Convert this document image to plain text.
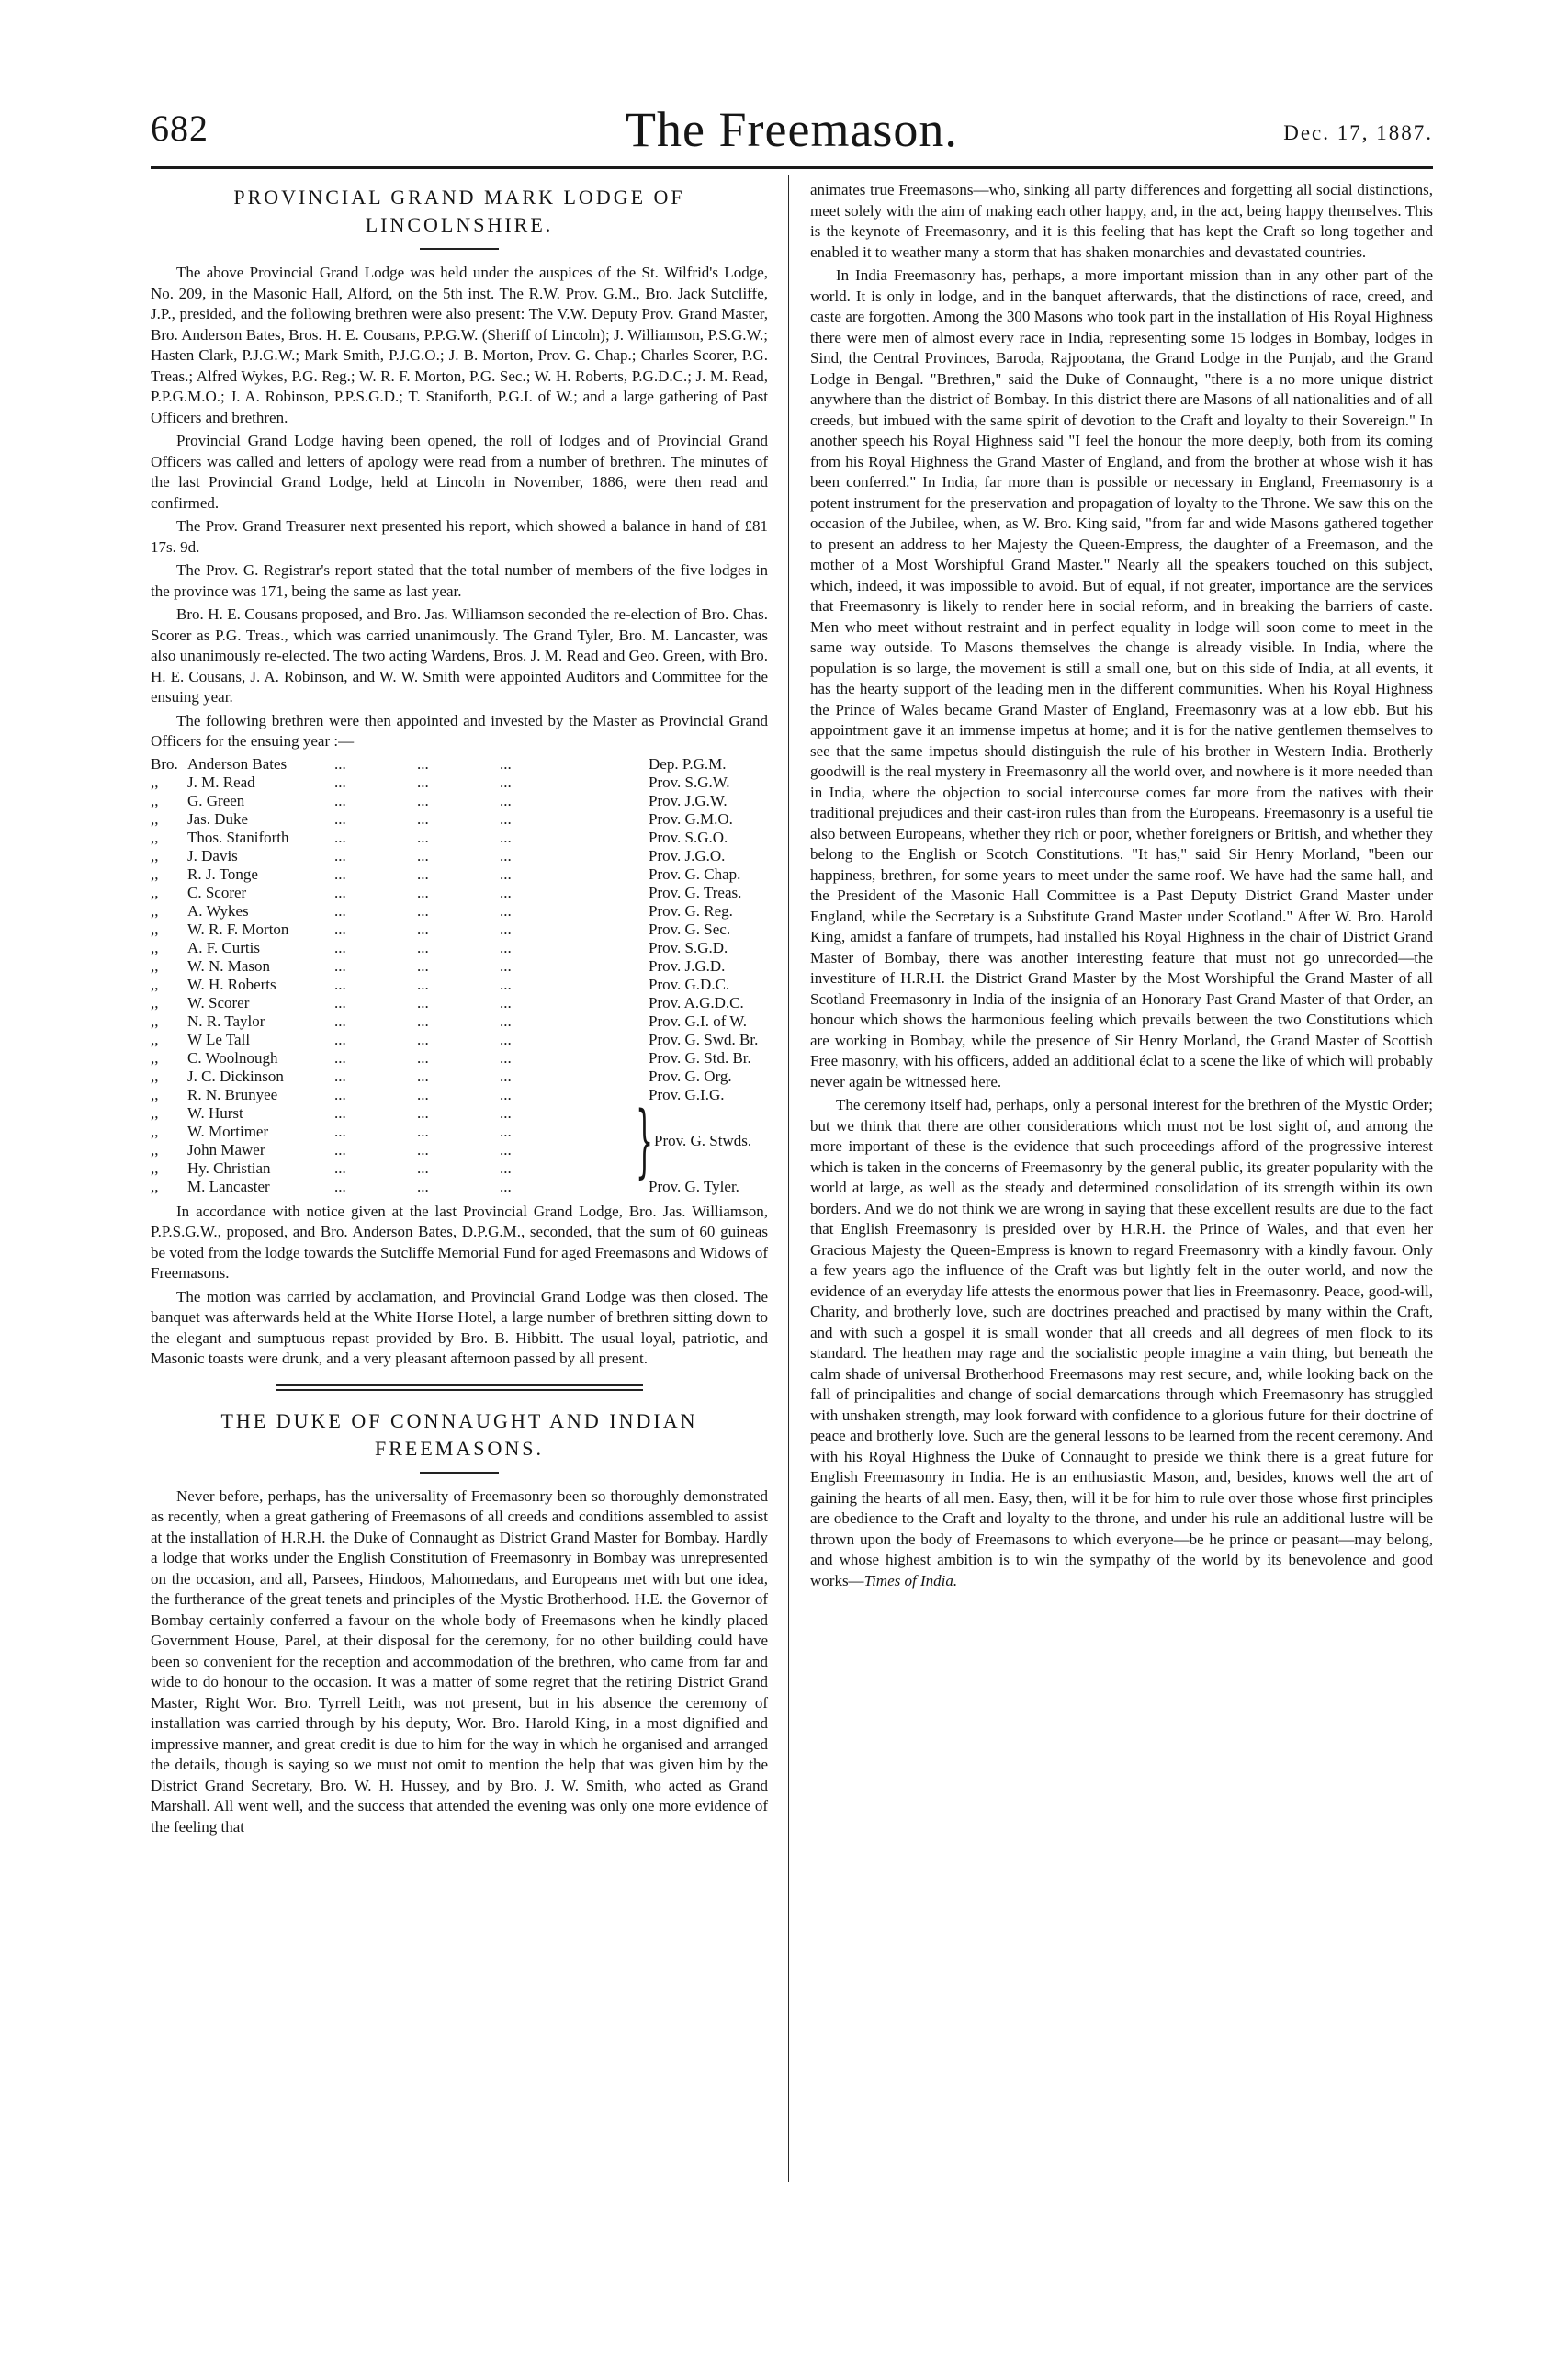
682	The Freemason.	Dec. 17, 1887.
PROVINCIAL GRAND MARK LODGE OF LINCOLNSHIRE.

The above Provincial Grand Lodge was held under the auspices of the St. Wilfrid's Lodge, No. 209, in the Masonic Hall, Alford, on the 5th inst. The R.W. Prov. G.M., Bro. Jack Sutcliffe, J.P., presided, and the following brethren were also present: The V.W. Deputy Prov. Grand Master, Bro. Anderson Bates, Bros. H. E. Cousans, P.P.G.W. (Sheriff of Lincoln); J. Williamson, P.S.G.W.; Hasten Clark, P.J.G.W.; Mark Smith, P.J.G.O.; J. B. Morton, Prov. G. Chap.; Charles Scorer, P.G. Treas.; Alfred Wykes, P.G. Reg.; W. R. F. Morton, P.G. Sec.; W. H. Roberts, P.G.D.C.; J. M. Read, P.P.G.M.O.; J. A. Robinson, P.P.S.G.D.; T. Staniforth, P.G.I. of W.; and a large gathering of Past Officers and brethren.

Provincial Grand Lodge having been opened, the roll of lodges and of Provincial Grand Officers was called and letters of apology were read from a number of brethren. The minutes of the last Provincial Grand Lodge, held at Lincoln in November, 1886, were then read and confirmed.

The Prov. Grand Treasurer next presented his report, which showed a balance in hand of £81 17s. 9d.

The Prov. G. Registrar's report stated that the total number of members of the five lodges in the province was 171, being the same as last year.

Bro. H. E. Cousans proposed, and Bro. Jas. Williamson seconded the re-election of Bro. Chas. Scorer as P.G. Treas., which was carried unanimously. The Grand Tyler, Bro. M. Lancaster, was also unanimously re-elected. The two acting Wardens, Bros. J. M. Read and Geo. Green, with Bro. H. E. Cousans, J. A. Robinson, and W. W. Smith were appointed Auditors and Committee for the ensuing year.

The following brethren were then appointed and invested by the Master as Provincial Grand Officers for the ensuing year :—

Bro. Anderson Bates	...	...	...	Dep. P.G.M.
,,	J. M. Read	...	...	...	Prov. S.G.W.
,,	G. Green	...	...	...	Prov. J.G.W.
,,	Jas. Duke	...	...	...	Prov. G.M.O.
,,	Thos. Staniforth	...	...	...	Prov. S.G.O.
,,	J. Davis	...	...	...	Prov. J.G.O.
,,	R. J. Tonge	...	...	...	Prov. G. Chap.
,,	C. Scorer	...	...	...	Prov. G. Treas.
,,	A. Wykes	...	...	...	Prov. G. Reg.
,,	W. R. F. Morton	...	...	...	Prov. G. Sec.
,,	A. F. Curtis	...	...	...	Prov. S.G.D.
,,	W. N. Mason	...	...	...	Prov. J.G.D.
,,	W. H. Roberts	...	...	...	Prov. G.D.C.
,,	W. Scorer	...	...	...	Prov. A.G.D.C.
,,	N. R. Taylor	...	...	...	Prov. G.I. of W.
,,	W Le Tall	...	...	...	Prov. G. Swd. Br.
,,	C. Woolnough	...	...	...	Prov. G. Std. Br.
,,	J. C. Dickinson	...	...	...	Prov. G. Org.
,,	R. N. Brunyee	...	...	...	Prov. G.I.G.
,,	W. Hurst	...	...	...
,,	W. Mortimer	...	...	...
,,	John Mawer	...	...	...
,,	Hy. Christian	...	...	...	} Prov. G. Stwds.
,,	M. Lancaster	...	...	...	Prov. G. Tyler.

In accordance with notice given at the last Provincial Grand Lodge, Bro. Jas. Williamson, P.P.S.G.W., proposed, and Bro. Anderson Bates, D.P.G.M., seconded, that the sum of 60 guineas be voted from the lodge towards the Sutcliffe Memorial Fund for aged Freemasons and Widows of Freemasons.

The motion was carried by acclamation, and Provincial Grand Lodge was then closed. The banquet was afterwards held at the White Horse Hotel, a large number of brethren sitting down to the elegant and sumptuous repast provided by Bro. B. Hibbitt. The usual loyal, patriotic, and Masonic toasts were drunk, and a very pleasant afternoon passed by all present.

THE DUKE OF CONNAUGHT AND INDIAN FREEMASONS.

Never before, perhaps, has the universality of Freemasonry been so thoroughly demonstrated as recently, when a great gathering of Freemasons of all creeds and conditions assembled to assist at the installation of H.R.H. the Duke of Connaught as District Grand Master for Bombay. Hardly a lodge that works under the English Constitution of Freemasonry in Bombay was unrepresented on the occasion, and all, Parsees, Hindoos, Mahomedans, and Europeans met with but one idea, the furtherance of the great tenets and principles of the Mystic Brotherhood. H.E. the Governor of Bombay certainly conferred a favour on the whole body of Freemasons when he kindly placed Government House, Parel, at their disposal for the ceremony, for no other building could have been so convenient for the reception and accommodation of the brethren, who came from far and wide to do honour to the occasion. It was a matter of some regret that the retiring District Grand Master, Right Wor. Bro. Tyrrell Leith, was not present, but in his absence the ceremony of installation was carried through by his deputy, Wor. Bro. Harold King, in a most dignified and impressive manner, and great credit is due to him for the way in which he organised and arranged the details, though is saying so we must not omit to mention the help that was given him by the District Grand Secretary, Bro. W. H. Hussey, and by Bro. J. W. Smith, who acted as Grand Marshall. All went well, and the success that attended the evening was only one more evidence of the feeling that

animates true Freemasons—who, sinking all party differences and forgetting all social distinctions, meet solely with the aim of making each other happy, and, in the act, being happy themselves. This is the keynote of Freemasonry, and it is this feeling that has kept the Craft so long together and enabled it to weather many a storm that has shaken monarchies and devastated countries.

In India Freemasonry has, perhaps, a more important mission than in any other part of the world. It is only in lodge, and in the banquet afterwards, that the distinctions of race, creed, and caste are forgotten. Among the 300 Masons who took part in the installation of His Royal Highness there were men of almost every race in India, representing some 15 lodges in Bombay, lodges in Sind, the Central Provinces, Baroda, Rajpootana, the Grand Lodge in the Punjab, and the Grand Lodge in Bengal. "Brethren," said the Duke of Connaught, "there is a no more unique district anywhere than the district of Bombay. In this district there are Masons of all nationalities and of all creeds, but imbued with the same spirit of devotion to the Craft and loyalty to their Sovereign." In another speech his Royal Highness said "I feel the honour the more deeply, both from its coming from his Royal Highness the Grand Master of England, and from the brother at whose wish it has been conferred." In India, far more than is possible or necessary in England, Freemasonry is a potent instrument for the preservation and propagation of loyalty to the Throne. We saw this on the occasion of the Jubilee, when, as W. Bro. King said, "from far and wide Masons gathered together to present an address to her Majesty the Queen-Empress, the daughter of a Freemason, and the mother of a Most Worshipful Grand Master." Nearly all the speakers touched on this subject, which, indeed, it was impossible to avoid. But of equal, if not greater, importance are the services that Freemasonry is likely to render here in social reform, and in breaking the barriers of caste. Men who meet without restraint and in perfect equality in lodge will soon come to meet in the same way outside. To Masons themselves the change is already visible. In India, where the population is so large, the movement is still a small one, but on this side of India, at all events, it has the hearty support of the leading men in the different communities. When his Royal Highness the Prince of Wales became Grand Master of England, Freemasonry was at a low ebb. But his appointment gave it an immense impetus at home; and it is for the native gentlemen themselves to see that the same impetus should distinguish the rule of his brother in Western India. Brotherly goodwill is the real mystery in Freemasonry all the world over, and nowhere is it more needed than in India, where the objection to social intercourse comes far more from the natives with their traditional prejudices and their cast-iron rules than from the Europeans. Freemasonry is a useful tie also between Europeans, whether they rich or poor, whether foreigners or British, and whether they belong to the English or Scotch Constitutions. "It has," said Sir Henry Morland, "been our happiness, brethren, for some years to meet under the same roof. We have had the same hall, and the President of the Masonic Hall Committee is a Past Deputy District Grand Master under England, while the Secretary is a Substitute Grand Master under Scotland." After W. Bro. Harold King, amidst a fanfare of trumpets, had installed his Royal Highness in the chair of District Grand Master of Bombay, there was another interesting feature that must not go unrecorded—the investiture of H.R.H. the District Grand Master by the Most Worshipful the Grand Master of all Scotland Freemasonry in India of the insignia of an Honorary Past Grand Master of that Order, an honour which shows the harmonious feeling which prevails between the two Constitutions which are working in Bombay, while the presence of Sir Henry Morland, the Grand Master of Scottish Free masonry, with his officers, added an additional éclat to a scene the like of which will probably never again be witnessed here.

The ceremony itself had, perhaps, only a personal interest for the brethren of the Mystic Order; but we think that there are other considerations which must not be lost sight of, and among the more important of these is the evidence that such proceedings afford of the progressive interest which is taken in the concerns of Freemasonry by the general public, its greater popularity with the world at large, as well as the steady and determined consolidation of its strength within its own borders. And we do not think we are wrong in saying that these excellent results are due to the fact that English Freemasonry is presided over by H.R.H. the Prince of Wales, and that even her Gracious Majesty the Queen-Empress is known to regard Freemasonry with a kindly favour. Only a few years ago the influence of the Craft was but lightly felt in the outer world, and now the evidence of an everyday life attests the enormous power that lies in Freemasonry. Peace, good-will, Charity, and brotherly love, such are doctrines preached and practised by many within the Craft, and with such a gospel it is small wonder that all creeds and all degrees of men flock to its standard. The heathen may rage and the socialistic people imagine a vain thing, but beneath the calm shade of universal Brotherhood Freemasons may rest secure, and, while looking back on the fall of principalities and change of social demarcations through which Freemasonry has struggled with unshaken strength, may look forward with confidence to a glorious future for their doctrine of peace and brotherly love. Such are the general lessons to be learned from the recent ceremony. And with his Royal Highness the Duke of Connaught to preside we think there is a great future for English Freemasonry in India. He is an enthusiastic Mason, and, besides, knows well the art of gaining the hearts of all men. Easy, then, will it be for him to rule over those whose first principles are obedience to the Craft and loyalty to the throne, and under his rule an additional lustre will be thrown upon the body of Freemasons to which everyone—be he prince or peasant—may belong, and whose highest ambition is to win the sympathy of the world by its benevolence and good works—Times of India.
